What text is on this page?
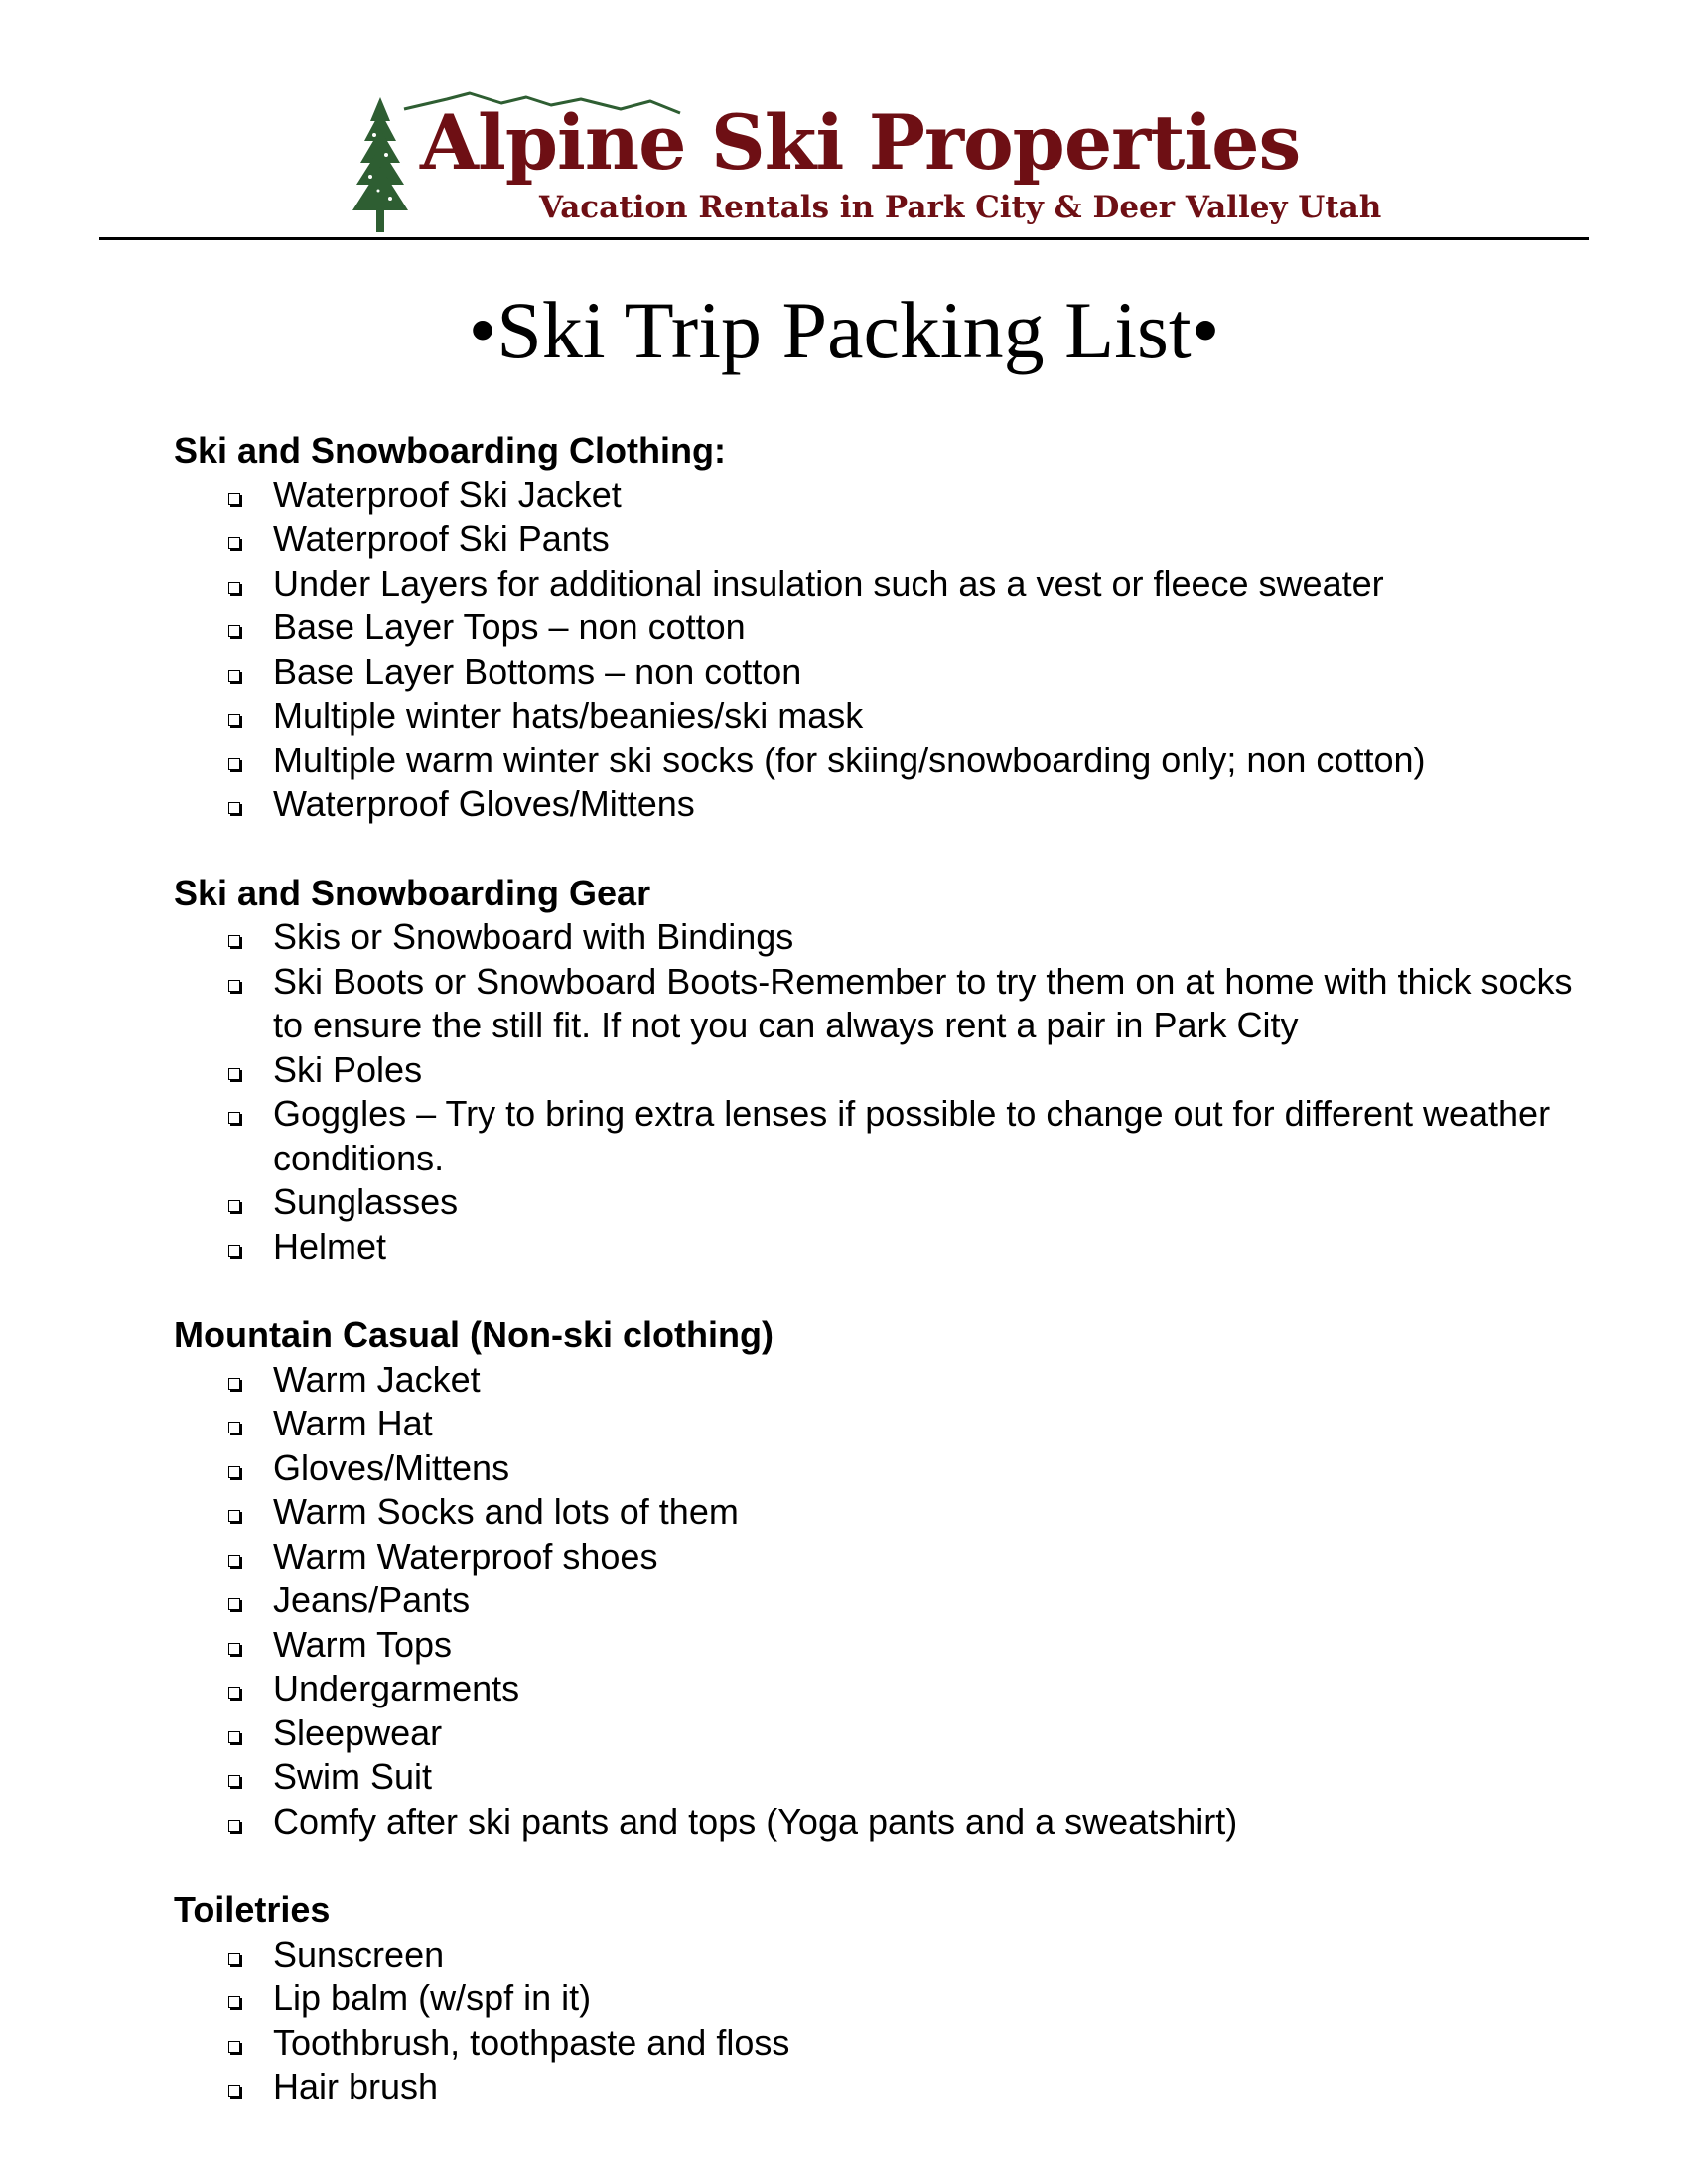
Alpine Ski Properties
Vacation Rentals in Park City & Deer Valley Utah
•Ski Trip Packing List•
Ski and Snowboarding Clothing:
Waterproof Ski Jacket
Waterproof Ski Pants
Under Layers for additional insulation such as a vest or fleece sweater
Base Layer Tops – non cotton
Base Layer Bottoms – non cotton
Multiple winter hats/beanies/ski mask
Multiple warm winter ski socks (for skiing/snowboarding only; non cotton)
Waterproof Gloves/Mittens
Ski and Snowboarding Gear
Skis or Snowboard with Bindings
Ski Boots or Snowboard Boots-Remember to try them on at home with thick socks to ensure the still fit. If not you can always rent a pair in Park City
Ski Poles
Goggles – Try to bring extra lenses if possible to change out for different weather conditions.
Sunglasses
Helmet
Mountain Casual (Non-ski clothing)
Warm Jacket
Warm Hat
Gloves/Mittens
Warm Socks and lots of them
Warm Waterproof shoes
Jeans/Pants
Warm Tops
Undergarments
Sleepwear
Swim Suit
Comfy after ski pants and tops (Yoga pants and a sweatshirt)
Toiletries
Sunscreen
Lip balm (w/spf in it)
Toothbrush, toothpaste and floss
Hair brush
